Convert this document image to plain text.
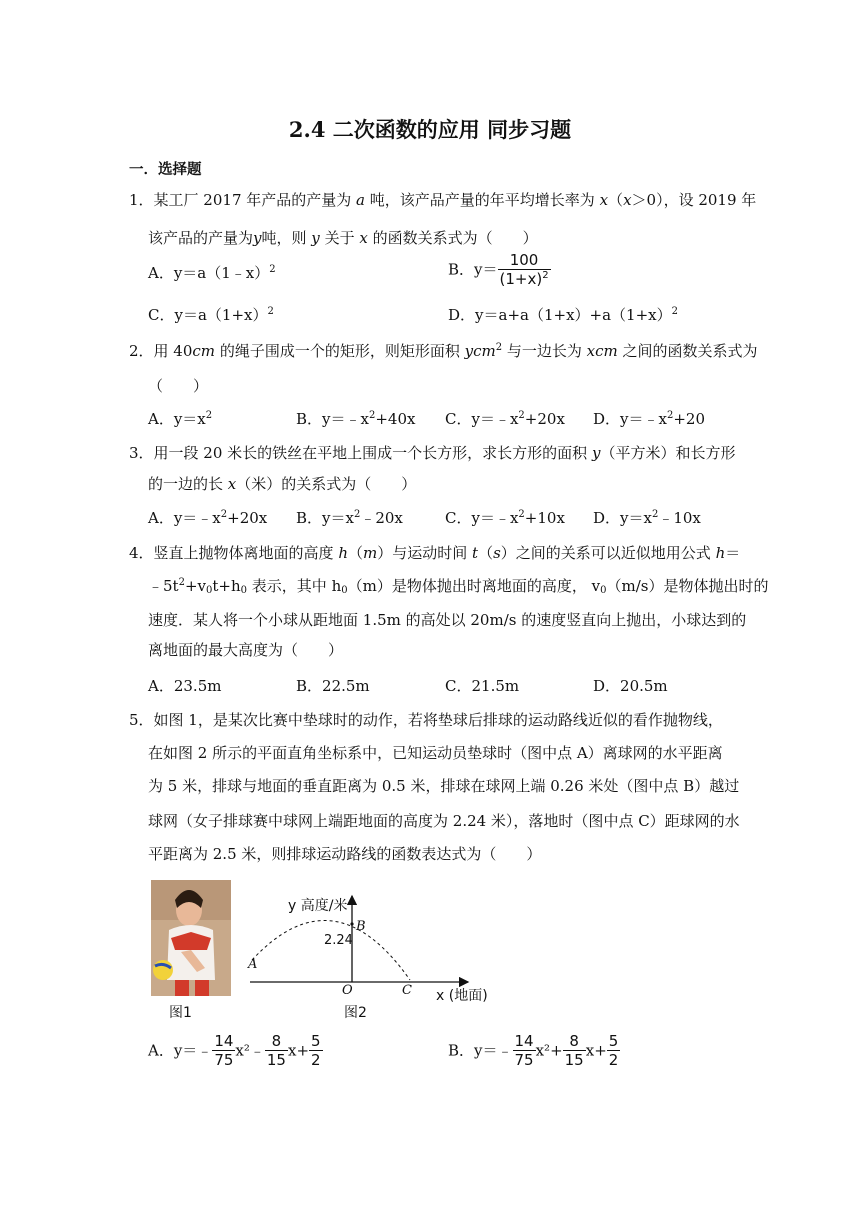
2.4 二次函数的应用 同步习题
一．选择题
1．某工厂 2017 年产品的产量为 a 吨，该产品产量的年平均增长率为 x（x＞0），设 2019 年
该产品的产量为y吨，则 y 关于 x 的函数关系式为（　　）
A．y＝a（1﹣x）$^2$	B．$y= \frac{100}{(1+x)^2}$
C．$y=a(1+x)^2$	D．$y=a+a(1+x)+a(1+x)^2$
2．用 40cm 的绳子围成一个的矩形，则矩形面积 ycm$^2$ 与一边长为 xcm 之间的函数关系式为
（　　）
A．$y=x^2$	B．$y=﹣x^2+40x$ C．$y=﹣x^2+20x$ D．$y=﹣x^2+20$
3．用一段 20 米长的铁丝在平地上围成一个长方形，求长方形的面积 y（平方米）和长方形
的一边的长 x（米）的关系式为（　　）
A．$y=﹣x^2+20x$ B．$y=x^2﹣20x$	C．$y=﹣x^2+10x$ D．$y=x^2﹣10x$
4．竖直上抛物体离地面的高度 h（m）与运动时间 t（s）之间的关系可以近似地用公式 h＝
$﹣5t^2+v_0t+h_0$ 表示，其中 $h_0(m)$是物体抛出时离地面的高度， $v_0(m/s)$是物体抛出时的
速度．某人将一个小球从距地面 1.5m 的高处以 20m/s 的速度竖直向上抛出，小球达到的
离地面的最大高度为（　　）
A．23.5m	B．22.5m	C．21.5m	D．20.5m
5．如图 1，是某次比赛中垫球时的动作，若将垫球后排球的运动路线近似的看作抛物线，
在如图 2 所示的平面直角坐标系中，已知运动员垫球时（图中点 A）离球网的水平距离
为 5 米，排球与地面的垂直距离为 0.5 米，排球在球网上端 0.26 米处（图中点 B）越过
球网（女子排球赛中球网上端距地面的高度为 2.24 米），落地时（图中点 C）距球网的水
平距离为 2.5 米，则排球运动路线的函数表达式为（　　）
图1
y 高度/米
B
2.24
A
O	C x (地面)
图2
A．y＝﹣ $\frac{14}{75}$ x²﹣ $\frac{8}{15} x+ \frac{5}{2}$	B．y＝﹣ $\frac{14}{75} x^2+ \frac{8}{15} x+ \frac{5}{2}$
